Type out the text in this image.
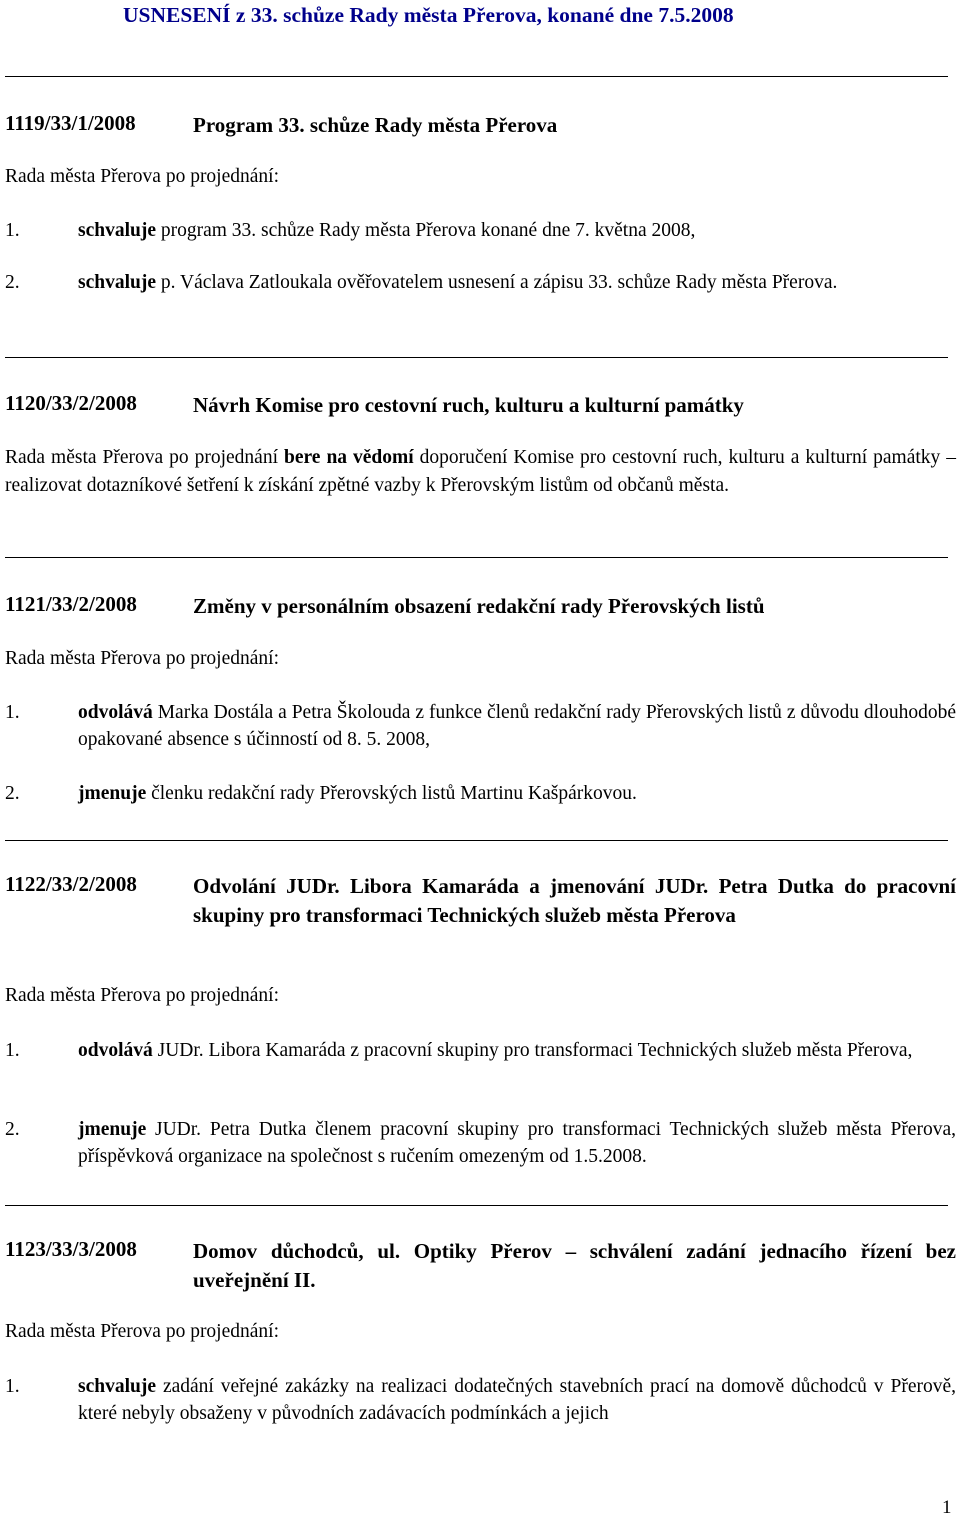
USNESENÍ z 33. schůze Rady města Přerova, konané dne 7.5.2008
1119/33/1/2008	Program 33. schůze Rady města Přerova
Rada města Přerova po projednání:
1.	schvaluje program 33. schůze Rady města Přerova konané dne 7. května 2008,
2.	schvaluje p. Václava Zatloukala ověřovatelem usnesení a zápisu 33. schůze Rady města Přerova.
1120/33/2/2008	Návrh Komise pro cestovní ruch, kulturu a kulturní památky
Rada města Přerova po projednání bere na vědomí doporučení Komise pro cestovní ruch, kulturu a kulturní památky – realizovat dotazníkové šetření k získání zpětné vazby k Přerovským listům od občanů města.
1121/33/2/2008	Změny v personálním obsazení redakční rady Přerovských listů
Rada města Přerova po projednání:
1.	odvolává Marka Dostála a Petra Školouda z funkce členů redakční rady Přerovských listů z důvodu dlouhodobé opakované absence s účinností od 8. 5. 2008,
2.	jmenuje členku redakční rady Přerovských listů Martinu Kašpárkovou.
1122/33/2/2008	Odvolání JUDr. Libora Kamaráda a jmenování JUDr. Petra Dutka do pracovní skupiny pro transformaci Technických služeb města Přerova
Rada města Přerova po projednání:
1.	odvolává JUDr. Libora Kamaráda z pracovní skupiny pro transformaci Technických služeb města Přerova,
2.	jmenuje JUDr. Petra Dutka členem pracovní skupiny pro transformaci Technických služeb města Přerova, příspěvková organizace na společnost s ručením omezeným od 1.5.2008.
1123/33/3/2008	Domov důchodců, ul. Optiky Přerov – schválení zadání jednacího řízení bez uveřejnění II.
Rada města Přerova po projednání:
1.	schvaluje zadání veřejné zakázky na realizaci dodatečných stavebních prací na domově důchodců v Přerově, které nebyly obsaženy v původních zadávacích podmínkách a jejich
1
